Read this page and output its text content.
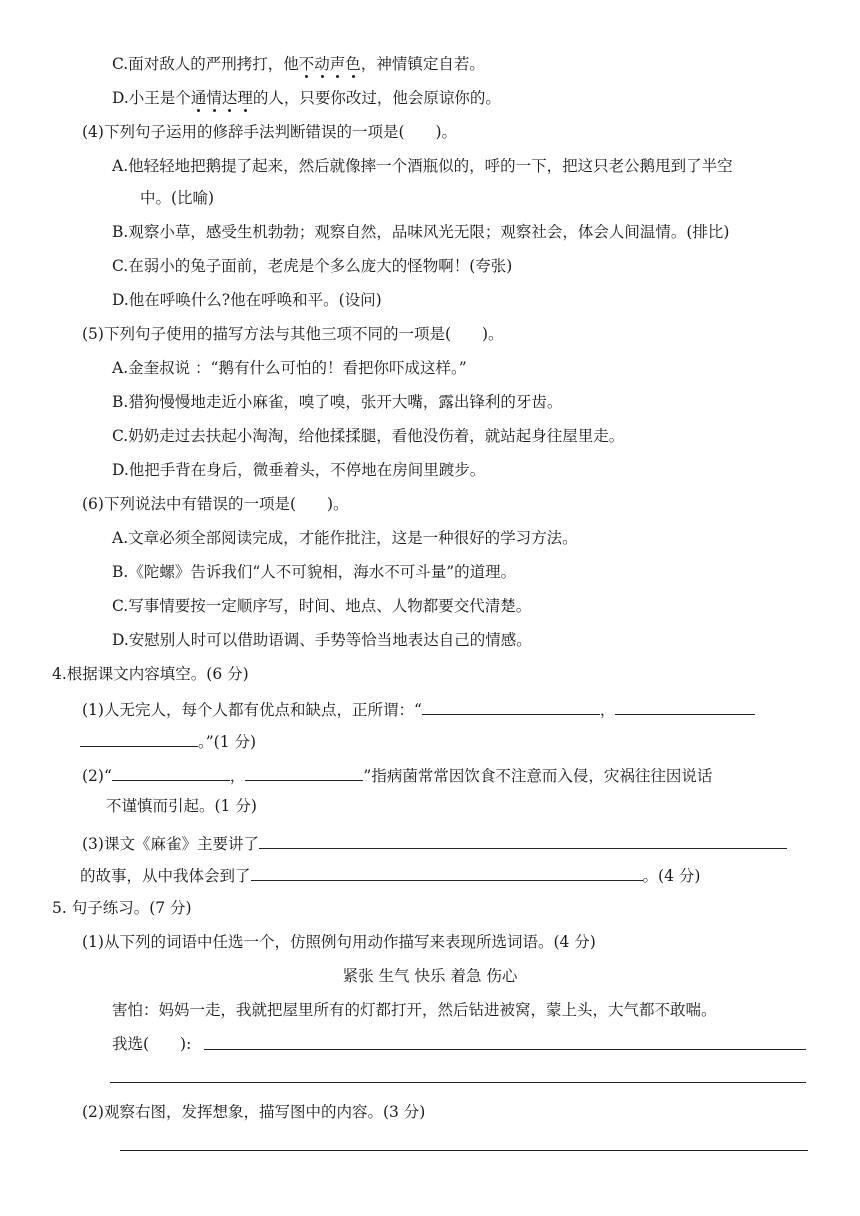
C.面对敌人的严刑拷打，他不动声色，神情镇定自若。
D.小王是个通情达理的人，只要你改过，他会原谅你的。
(4)下列句子运用的修辞手法判断错误的一项是(　　)。
A.他轻轻地把鹅提了起来，然后就像摔一个酒瓶似的，呼的一下，把这只老公鹅甩到了半空
中。(比喻)
B.观察小草，感受生机勃勃；观察自然，品味风光无限；观察社会，体会人间温情。(排比)
C.在弱小的兔子面前，老虎是个多么庞大的怪物啊！(夸张)
D.他在呼唤什么?他在呼唤和平。(设问)
(5)下列句子使用的描写方法与其他三项不同的一项是(　　)。
A.金奎叔说 ：“鹅有什么可怕的！看把你吓成这样。”
B.猎狗慢慢地走近小麻雀，嗅了嗅，张开大嘴，露出锋利的牙齿。
C.奶奶走过去扶起小淘淘，给他揉揉腿，看他没伤着，就站起身往屋里走。
D.他把手背在身后，微垂着头，不停地在房间里踱步。
(6)下列说法中有错误的一项是(　　)。
A.文章必须全部阅读完成，才能作批注，这是一种很好的学习方法。
B.《陀螺》告诉我们“人不可貌相，海水不可斗量”的道理。
C.写事情要按一定顺序写，时间、地点、人物都要交代清楚。
D.安慰别人时可以借助语调、手势等恰当地表达自己的情感。
4.根据课文内容填空。(6 分)
(1)人无完人，每个人都有优点和缺点，正所谓：“	，
。”(1 分)
(2)“	，	”指病菌常常因饮食不注意而入侵，灾祸往往因说话
不谨慎而引起。(1 分)
(3)课文《麻雀》主要讲了
的故事，从中我体会到了	。(4 分)
5. 句子练习。(7 分)
(1)从下列的词语中任选一个，仿照例句用动作描写来表现所选词语。(4 分)
紧张 生气 快乐 着急 伤心
害怕：妈妈一走，我就把屋里所有的灯都打开，然后钻进被窝，蒙上头，大气都不敢喘。
我选(　　):
(2)观察右图，发挥想象，描写图中的内容。(3 分)
